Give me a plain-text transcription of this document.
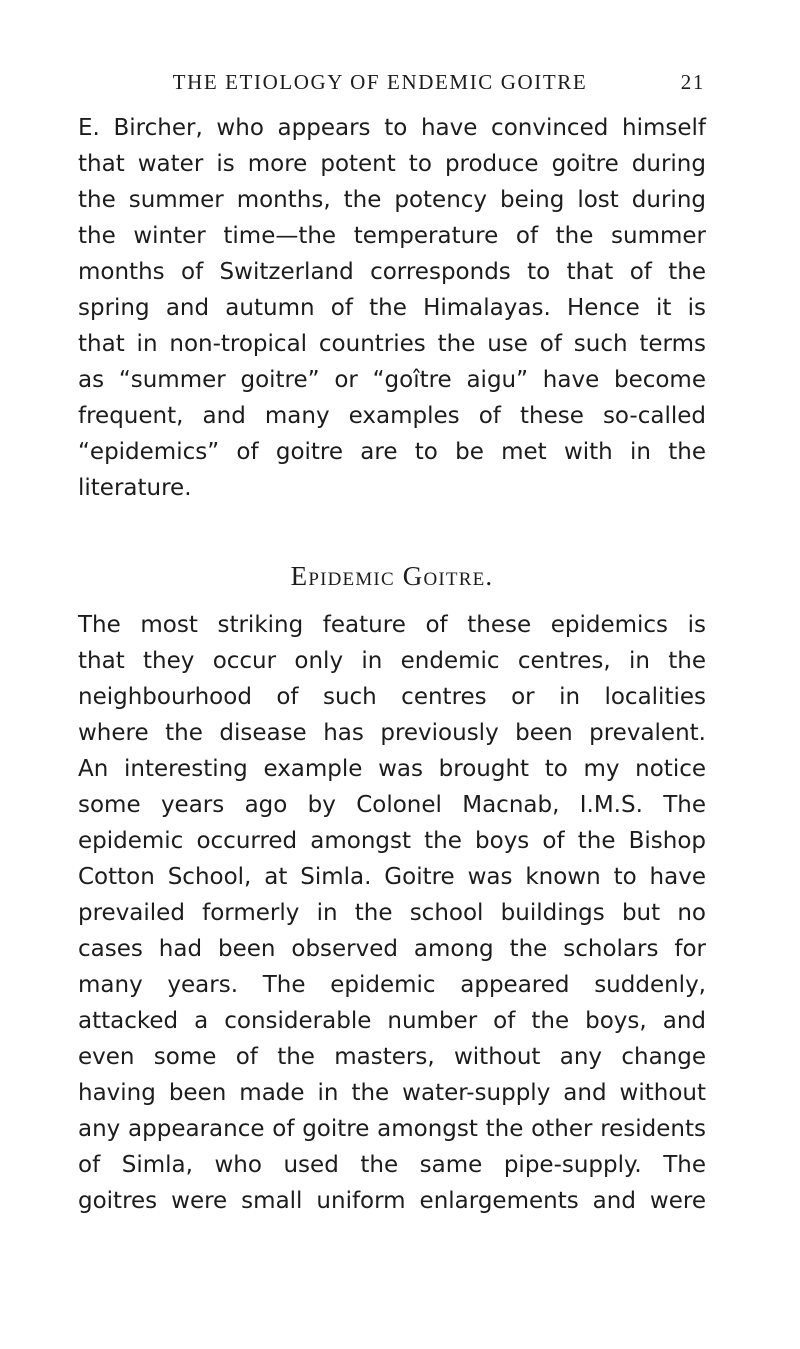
THE ETIOLOGY OF ENDEMIC GOITRE	21
E. Bircher, who appears to have convinced himself
that water is more potent to produce goitre during
the summer months, the potency being lost during
the winter time—the temperature of the summer
months of Switzerland corresponds to that of the
spring and autumn of the Himalayas. Hence it is
that in non-tropical countries the use of such terms
as “summer goitre” or “goître aigu” have become
frequent, and many examples of these so-called
“epidemics” of goitre are to be met with in the
literature.
Epidemic Goitre.
The most striking feature of these epidemics is
that they occur only in endemic centres, in the
neighbourhood of such centres or in localities
where the disease has previously been prevalent.
An interesting example was brought to my notice
some years ago by Colonel Macnab, I.M.S. The
epidemic occurred amongst the boys of the Bishop
Cotton School, at Simla. Goitre was known to have
prevailed formerly in the school buildings but no
cases had been observed among the scholars for
many years. The epidemic appeared suddenly,
attacked a considerable number of the boys, and
even some of the masters, without any change
having been made in the water-supply and without
any appearance of goitre amongst the other residents
of Simla, who used the same pipe-supply. The
goitres were small uniform enlargements and were
